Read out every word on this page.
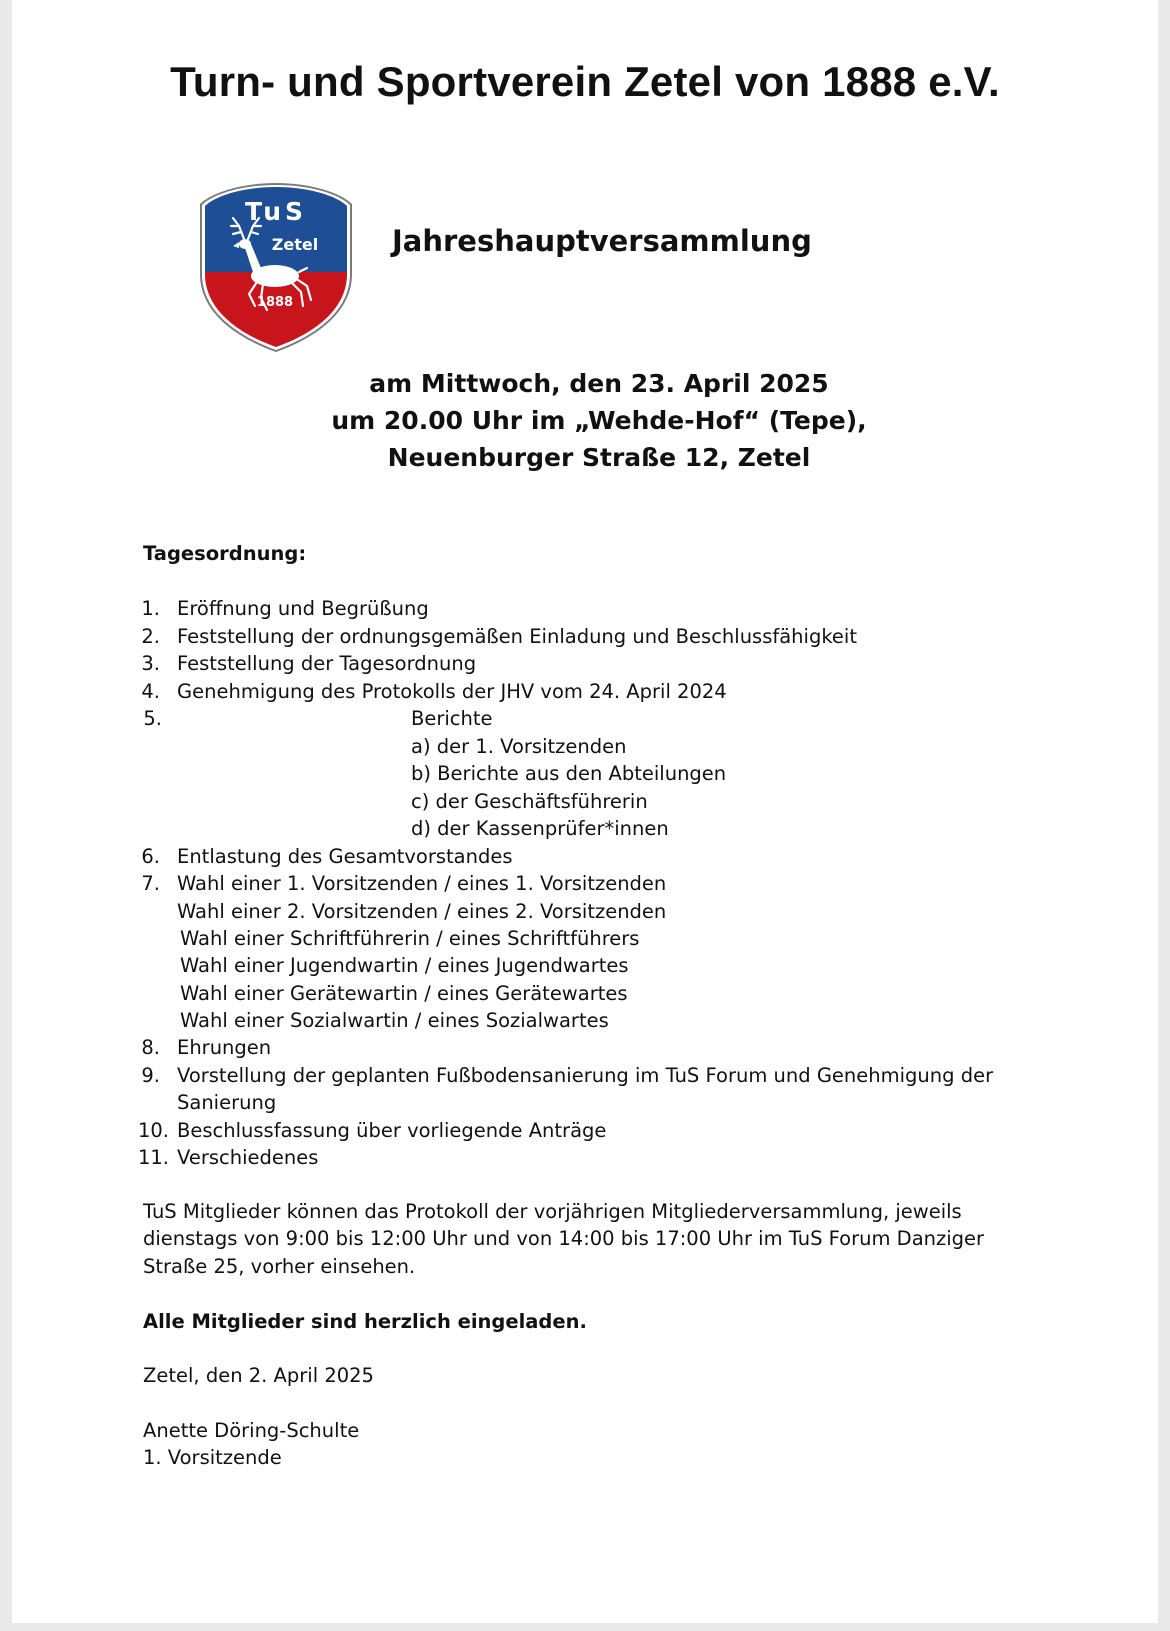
Turn- und Sportverein Zetel von 1888 e.V.
TuS
Zetel
1888
Jahreshauptversammlung
am Mittwoch, den 23. April 2025
um 20.00 Uhr im „Wehde-Hof“ (Tepe),
Neuenburger Straße 12, Zetel
Tagesordnung:
1. Eröffnung und Begrüßung
2. Feststellung der ordnungsgemäßen Einladung und Beschlussfähigkeit
3. Feststellung der Tagesordnung
4. Genehmigung des Protokolls der JHV vom 24. April 2024
5.	Berichte
a) der 1. Vorsitzenden
b) Berichte aus den Abteilungen
c) der Geschäftsführerin
d) der Kassenprüfer*innen
6. Entlastung des Gesamtvorstandes
7. Wahl einer 1. Vorsitzenden / eines 1. Vorsitzenden
Wahl einer 2. Vorsitzenden / eines 2. Vorsitzenden
Wahl einer Schriftführerin / eines Schriftführers
Wahl einer Jugendwartin / eines Jugendwartes
Wahl einer Gerätewartin / eines Gerätewartes
Wahl einer Sozialwartin / eines Sozialwartes
8. Ehrungen
9. Vorstellung der geplanten Fußbodensanierung im TuS Forum und Genehmigung der
Sanierung
10. Beschlussfassung über vorliegende Anträge
11. Verschiedenes
TuS Mitglieder können das Protokoll der vorjährigen Mitgliederversammlung, jeweils
dienstags von 9:00 bis 12:00 Uhr und von 14:00 bis 17:00 Uhr im TuS Forum Danziger
Straße 25, vorher einsehen.
Alle Mitglieder sind herzlich eingeladen.
Zetel, den 2. April 2025
Anette Döring-Schulte
1. Vorsitzende
